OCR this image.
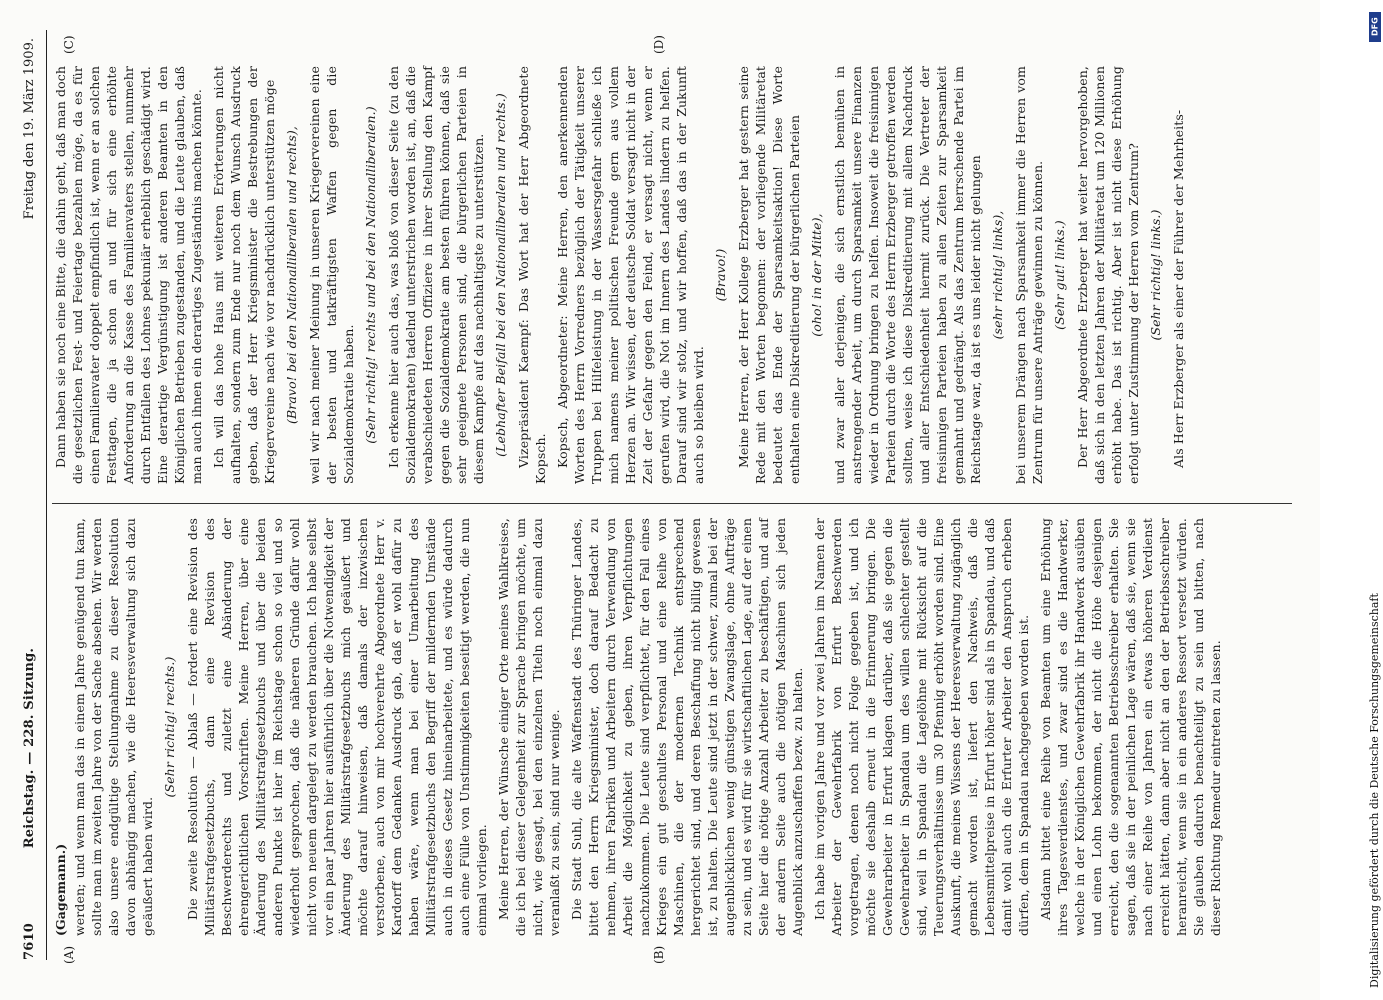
7610 Reichstag. — 228. Sitzung.
Freitag den 19. März 1909.
(A)	(B)
(C)	(D)

(Gagemann.) werden; und wenn man das in einem Jahre genügend tun kann, sollte man im zweiten Jahre von der Sache absehen. Wir werden also unsere endgültige Stellungnahme zu dieser Resolution davon abhängig machen, wie die Heeresverwaltung sich dazu geäußert haben wird.

(Sehr richtig! rechts.) Die zweite Resolution — Ablaß — fordert eine Revision des Militärstrafgesetzbuchs, dann eine Revision des Beschwerderechts und zuletzt eine Abänderung der ehrengerichtlichen Vorschriften. Meine Herren, über eine Änderung des Militärstrafgesetzbuchs und über die beiden anderen Punkte ist hier im Reichstage schon so viel und so wiederholt gesprochen, daß die näheren Gründe dafür wohl nicht von neuem dargelegt zu werden brauchen. Ich habe selbst vor ein paar Jahren hier ausführlich über die Notwendigkeit der Änderung des Militärstrafgesetzbuchs mich geäußert und möchte darauf hinweisen, daß damals der inzwischen verstorbene, auch von mir hochverehrte Abgeordnete Herr v. Kardorff dem Gedanken Ausdruck gab, daß er wohl dafür zu haben wäre, wenn man bei einer Umarbeitung des Militärstrafgesetzbuchs den Begriff der mildernden Umstände auch in dieses Gesetz hineinarbeitete, und es würde dadurch auch eine Fülle von Unstimmigkeiten beseitigt werden, die nun einmal vorliegen. Meine Herren, der Wünsche einiger Orte meines Wahlkreises, die ich bei dieser Gelegenheit zur Sprache bringen möchte, um nicht, wie gesagt, bei den einzelnen Titeln noch einmal dazu veranlaßt zu sein, sind nur wenige. Die Stadt Suhl, die alte Waffenstadt des Thüringer Landes, bittet den Herrn Kriegsminister, doch darauf Bedacht zu nehmen, ihren Fabriken und Arbeitern durch Verwendung von Arbeit die Möglichkeit zu geben, ihren Verpflichtungen nachzukommen. Die Leute sind verpflichtet, für den Fall eines Krieges ein gut geschultes Personal und eine Reihe von Maschinen, die der modernen Technik entsprechend hergerichtet sind, und deren Beschaffung nicht billig gewesen ist, zu halten. Die Leute sind jetzt in der schwer, zumal bei der augenblicklichen wenig günstigen Zwangslage, ohne Aufträge zu sein, und es wird für sie wirtschaftlichen Lage, auf der einen Seite hier die nötige Anzahl Arbeiter zu beschäftigen, und auf der andern Seite auch die nötigen Maschinen sich jeden Augenblick anzuschaffen bezw. zu halten. Ich habe im vorigen Jahre und vor zwei Jahren im Namen der Arbeiter der Gewehrfabrik von Erfurt Beschwerden vorgetragen, denen noch nicht Folge gegeben ist, und ich möchte sie deshalb erneut in die Erinnerung bringen. Die Gewehrarbeiter in Erfurt klagen darüber, daß sie gegen die Gewehrarbeiter in Spandau um des willen schlechter gestellt sind, weil in Spandau die Lagelöhne mit Rücksicht auf die Teuerungsverhältnisse um 30 Pfennig erhöht worden sind. Eine Auskunft, die meines Wissens der Heeresverwaltung zugänglich gemacht worden ist, liefert den Nachweis, daß die Lebensmittelpreise in Erfurt höher sind als in Spandau, und daß damit wohl auch die Erfurter Arbeiter den Anspruch erheben dürfen, dem in Spandau nachgegeben worden ist. Alsdann bittet eine Reihe von Beamten um eine Erhöhung ihres Tagesverdienstes, und zwar sind es die Handwerker, welche in der Königlichen Gewehrfabrik ihr Handwerk ausüben und einen Lohn bekommen, der nicht die Höhe desjenigen erreicht, den die sogenannten Betriebsschreiber erhalten. Sie sagen, daß sie in der peinlichen Lage wären, daß sie, wenn sie nach einer Reihe von Jahren ein etwas höheren Verdienst erreicht hätten, dann aber nicht an den der Betriebsschreiber heranreicht, wenn sie in ein anderes Ressort versetzt würden. Sie glauben dadurch benachteiligt zu sein und bitten, nach dieser Richtung Remedur eintreten zu lassen.

Dann haben sie noch eine Bitte, die dahin geht, daß man doch die gesetzlichen Fest- und Feiertage bezahlen möge, da es für einen Familienvater doppelt empfindlich ist, wenn er an solchen Festtagen, die ja schon an und für sich eine erhöhte Anforderung an die Kasse des Familienvaters stellen, nunmehr durch Entfallen des Lohnes pekuniär erheblich geschädigt wird. Eine derartige Vergünstigung ist anderen Beamten in den Königlichen Betrieben zugestanden, und die Leute glauben, daß man auch ihnen ein derartiges Zugeständnis machen könnte. Ich will das hohe Haus mit weiteren Erörterungen nicht aufhalten, sondern zum Ende nur noch dem Wunsch Ausdruck geben, daß der Herr Kriegsminister die Bestrebungen der Kriegervereine nach wie vor nachdrücklich unterstützen möge (Bravo! bei den Nationalliberalen und rechts), weil wir nach meiner Meinung in unseren Kriegervereinen eine der besten und tatkräftigsten Waffen gegen die Sozialdemokratie haben. (Sehr richtig! rechts und bei den Nationalliberalen.) Ich erkenne hier auch das, was bloß von dieser Seite (zu den Sozialdemokraten) tadelnd unterstrichen worden ist, an, daß die verabschiedeten Herren Offiziere in ihrer Stellung den Kampf gegen die Sozialdemokratie am besten führen können, daß sie sehr geeignete Personen sind, die bürgerlichen Parteien in diesem Kampfe auf das nachhaltigste zu unterstützen. (Lebhafter Beifall bei den Nationalliberalen und rechts.) Vizepräsident Kaempf: Das Wort hat der Herr Abgeordnete Kopsch. Kopsch, Abgeordneter: Meine Herren, den anerkennenden Worten des Herrn Vorredners bezüglich der Tätigkeit unserer Truppen bei Hilfeleistung in der Wassersgefahr schließe ich mich namens meiner politischen Freunde gern aus vollem Herzen an. Wir wissen, der deutsche Soldat versagt nicht in der Zeit der Gefahr gegen den Feind, er versagt nicht, wenn er gerufen wird, die Not im Innern des Landes lindern zu helfen. Darauf sind wir stolz, und wir hoffen, daß das in der Zukunft auch so bleiben wird.

(Bravo!) Meine Herren, der Herr Kollege Erzberger hat gestern seine Rede mit den Worten begonnen: der vorliegende Militäretat bedeutet das Ende der Sparsamkeitsaktion! Diese Worte enthalten eine Diskreditierung der bürgerlichen Parteien (oho! in der Mitte), und zwar aller derjenigen, die sich ernstlich bemühen in anstrengender Arbeit, um durch Sparsamkeit unsere Finanzen wieder in Ordnung bringen zu helfen. Insoweit die freisinnigen Parteien durch die Worte des Herrn Erzberger getroffen werden sollten, weise ich diese Diskreditierung mit allem Nachdruck und aller Entschiedenheit hiermit zurück. Die Vertreter der freisinnigen Parteien haben zu allen Zeiten zur Sparsamkeit gemahnt und gedrängt. Als das Zentrum herrschende Partei im Reichstage war, da ist es uns leider nicht gelungen (sehr richtig! links), bei unserem Drängen nach Sparsamkeit immer die Herren vom Zentrum für unsere Anträge gewinnen zu können. (Sehr gut! links.) Der Herr Abgeordnete Erzberger hat weiter hervorgehoben, daß sich in den letzten Jahren der Militäretat um 120 Millionen erhöht habe. Das ist richtig. Aber ist nicht diese Erhöhung erfolgt unter Zustimmung der Herren vom Zentrum? (Sehr richtig! links.) Als Herr Erzberger als einer der Führer der Mehrheits-

DFG
Digitalisierung gefördert durch die Deutsche Forschungsgemeinschaft
